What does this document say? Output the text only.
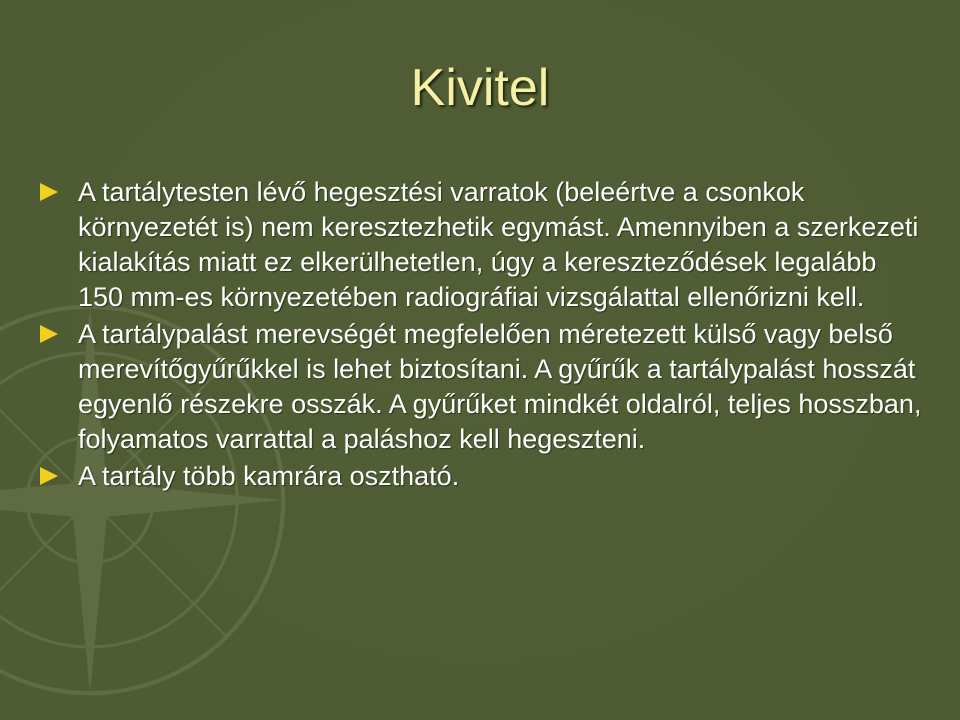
Kivitel
A tartálytesten lévő hegesztési varratok (beleértve a csonkok környezetét is) nem keresztezhetik egymást. Amennyiben a szerkezeti kialakítás miatt ez elkerülhetetlen, úgy a kereszteződések legalább 150 mm-es környezetében radiográfiai vizsgálattal ellenőrizni kell.
A tartálypalást merevségét megfelelően méretezett külső vagy belső merevítőgyűrűkkel is lehet biztosítani. A gyűrűk a tartálypalást hosszát egyenlő részekre osszák. A gyűrűket mindkét oldalról, teljes hosszban, folyamatos varrattal a paláshoz kell hegeszteni.
A tartály több kamrára osztható.
